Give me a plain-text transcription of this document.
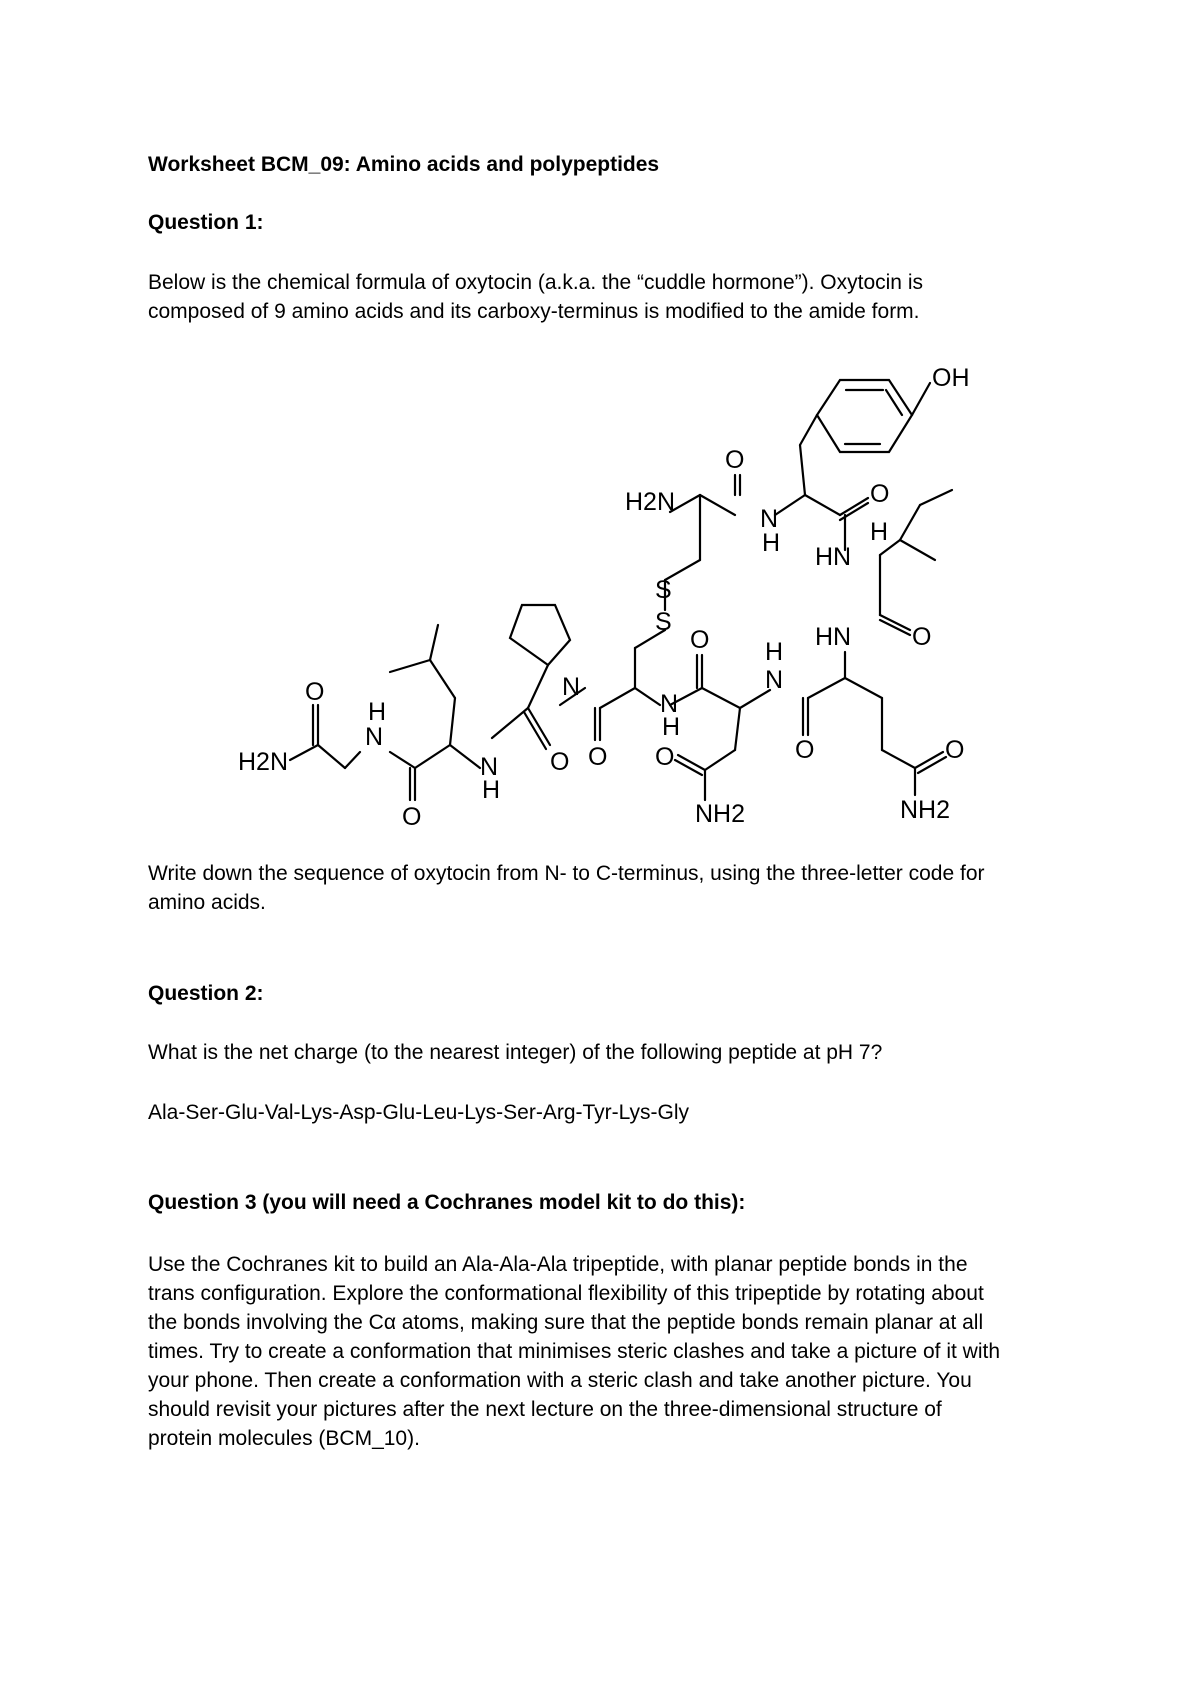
Worksheet BCM_09: Amino acids and polypeptides

Question 1:

Below is the chemical formula of oxytocin (a.k.a. the “cuddle hormone”). Oxytocin is

composed of 9 amino acids and its carboxy-terminus is modified to the amide form.

OH
O
H2N
N
H
O
H
HN
O
HN
O
NH2
O
H
N
O
O
NH2
S
S
N
H
O
N
O
N
H
O
H
N
O
H2N

Write down the sequence of oxytocin from N- to C-terminus, using the three-letter code for

amino acids.

Question 2:

What is the net charge (to the nearest integer) of the following peptide at pH 7?

Ala-Ser-Glu-Val-Lys-Asp-Glu-Leu-Lys-Ser-Arg-Tyr-Lys-Gly

Question 3 (you will need a Cochranes model kit to do this):

Use the Cochranes kit to build an Ala-Ala-Ala tripeptide, with planar peptide bonds in the

trans configuration. Explore the conformational flexibility of this tripeptide by rotating about

the bonds involving the Cα atoms, making sure that the peptide bonds remain planar at all

times. Try to create a conformation that minimises steric clashes and take a picture of it with

your phone. Then create a conformation with a steric clash and take another picture. You

should revisit your pictures after the next lecture on the three-dimensional structure of

protein molecules (BCM_10).
